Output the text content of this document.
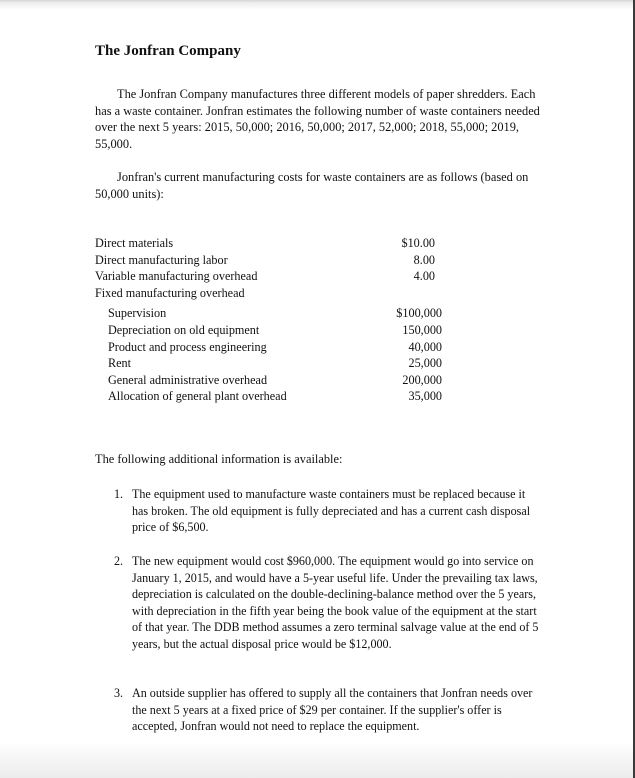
The Jonfran Company

The Jonfran Company manufactures three different models of paper shredders. Each has a waste container. Jonfran estimates the following number of waste containers needed over the next 5 years: 2015, 50,000; 2016, 50,000; 2017, 52,000; 2018, 55,000; 2019, 55,000.

Jonfran's current manufacturing costs for waste containers are as follows (based on 50,000 units):

Direct materials	$10.00
Direct manufacturing labor	8.00
Variable manufacturing overhead	4.00
Fixed manufacturing overhead
Supervision	$100,000
Depreciation on old equipment	150,000
Product and process engineering	40,000
Rent	25,000
General administrative overhead	200,000
Allocation of general plant overhead	35,000
The following additional information is available:
1. The equipment used to manufacture waste containers must be replaced because it has broken. The old equipment is fully depreciated and has a current cash disposal price of $6,500.
2. The new equipment would cost $960,000. The equipment would go into service on January 1, 2015, and would have a 5-year useful life. Under the prevailing tax laws, depreciation is calculated on the double-declining-balance method over the 5 years, with depreciation in the fifth year being the book value of the equipment at the start of that year. The DDB method assumes a zero terminal salvage value at the end of 5 years, but the actual disposal price would be $12,000.
3. An outside supplier has offered to supply all the containers that Jonfran needs over the next 5 years at a fixed price of $29 per container. If the supplier's offer is accepted, Jonfran would not need to replace the equipment.
